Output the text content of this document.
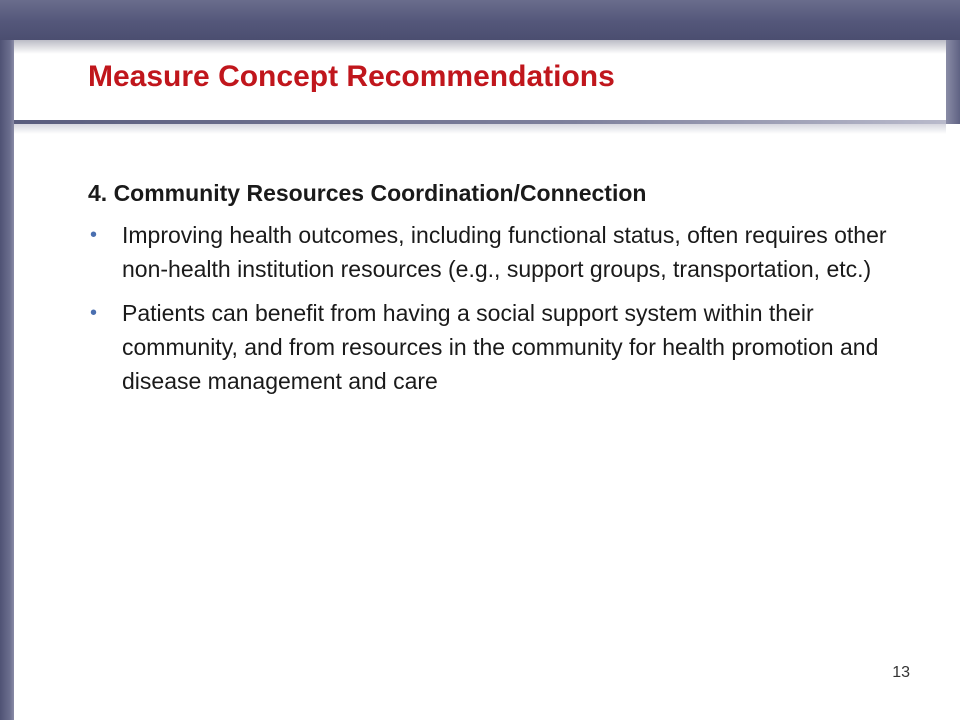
Measure Concept Recommendations
4. Community Resources Coordination/Connection
• Improving health outcomes, including functional status, often requires other non-health institution resources (e.g., support groups, transportation, etc.)
• Patients can benefit from having a social support system within their community, and from resources in the community for health promotion and disease management and care
13
